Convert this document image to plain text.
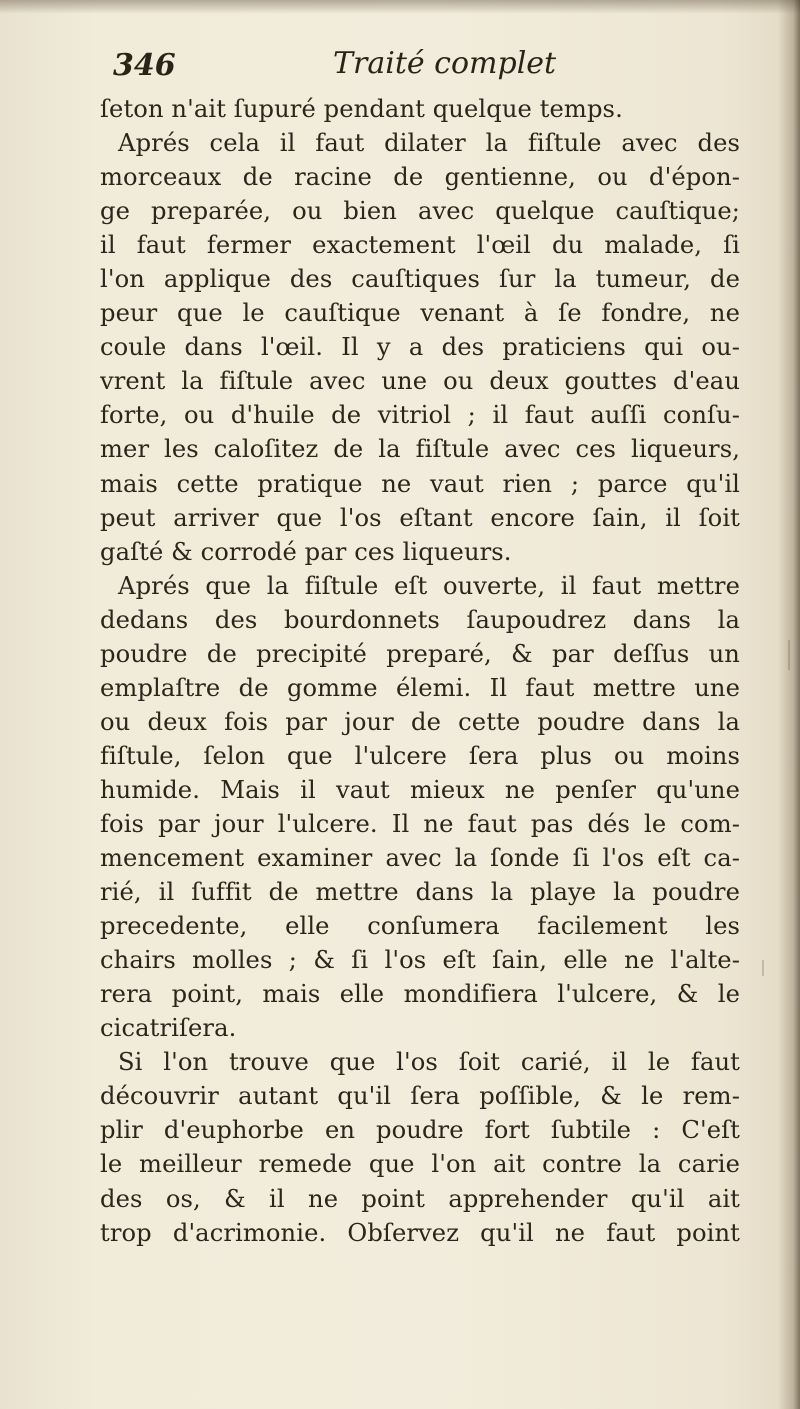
346	Traité complet
ſeton n'ait ſupuré pendant quelque temps.
Aprés cela il faut dilater la fiſtule avec des
morceaux de racine de gentienne, ou d'épon-
ge preparée, ou bien avec quelque cauſtique;
il faut fermer exactement l'œil du malade, ſi
l'on applique des cauſtiques ſur la tumeur, de
peur que le cauſtique venant à ſe fondre, ne
coule dans l'œil. Il y a des praticiens qui ou-
vrent la fiſtule avec une ou deux gouttes d'eau
forte, ou d'huile de vitriol ; il faut auſſi conſu-
mer les caloſitez de la fiſtule avec ces liqueurs,
mais cette pratique ne vaut rien ; parce qu'il
peut arriver que l'os eſtant encore ſain, il ſoit
gaſté & corrodé par ces liqueurs.
Aprés que la fiſtule eſt ouverte, il faut mettre
dedans des bourdonnets ſaupoudrez dans la
poudre de precipité preparé, & par deſſus un
emplaſtre de gomme élemi. Il faut mettre une
ou deux fois par jour de cette poudre dans la
fiſtule, ſelon que l'ulcere ſera plus ou moins
humide. Mais il vaut mieux ne penſer qu'une
fois par jour l'ulcere. Il ne faut pas dés le com-
mencement examiner avec la ſonde ſi l'os eſt ca-
rié, il ſuffit de mettre dans la playe la poudre
precedente, elle conſumera facilement les
chairs molles ; & ſi l'os eſt ſain, elle ne l'alte-
rera point, mais elle mondifiera l'ulcere, & le
cicatriſera.
Si l'on trouve que l'os ſoit carié, il le faut
découvrir autant qu'il ſera poſſible, & le rem-
plir d'euphorbe en poudre fort ſubtile : C'eſt
le meilleur remede que l'on ait contre la carie
des os, & il ne point apprehender qu'il ait
trop d'acrimonie. Obſervez qu'il ne faut point
